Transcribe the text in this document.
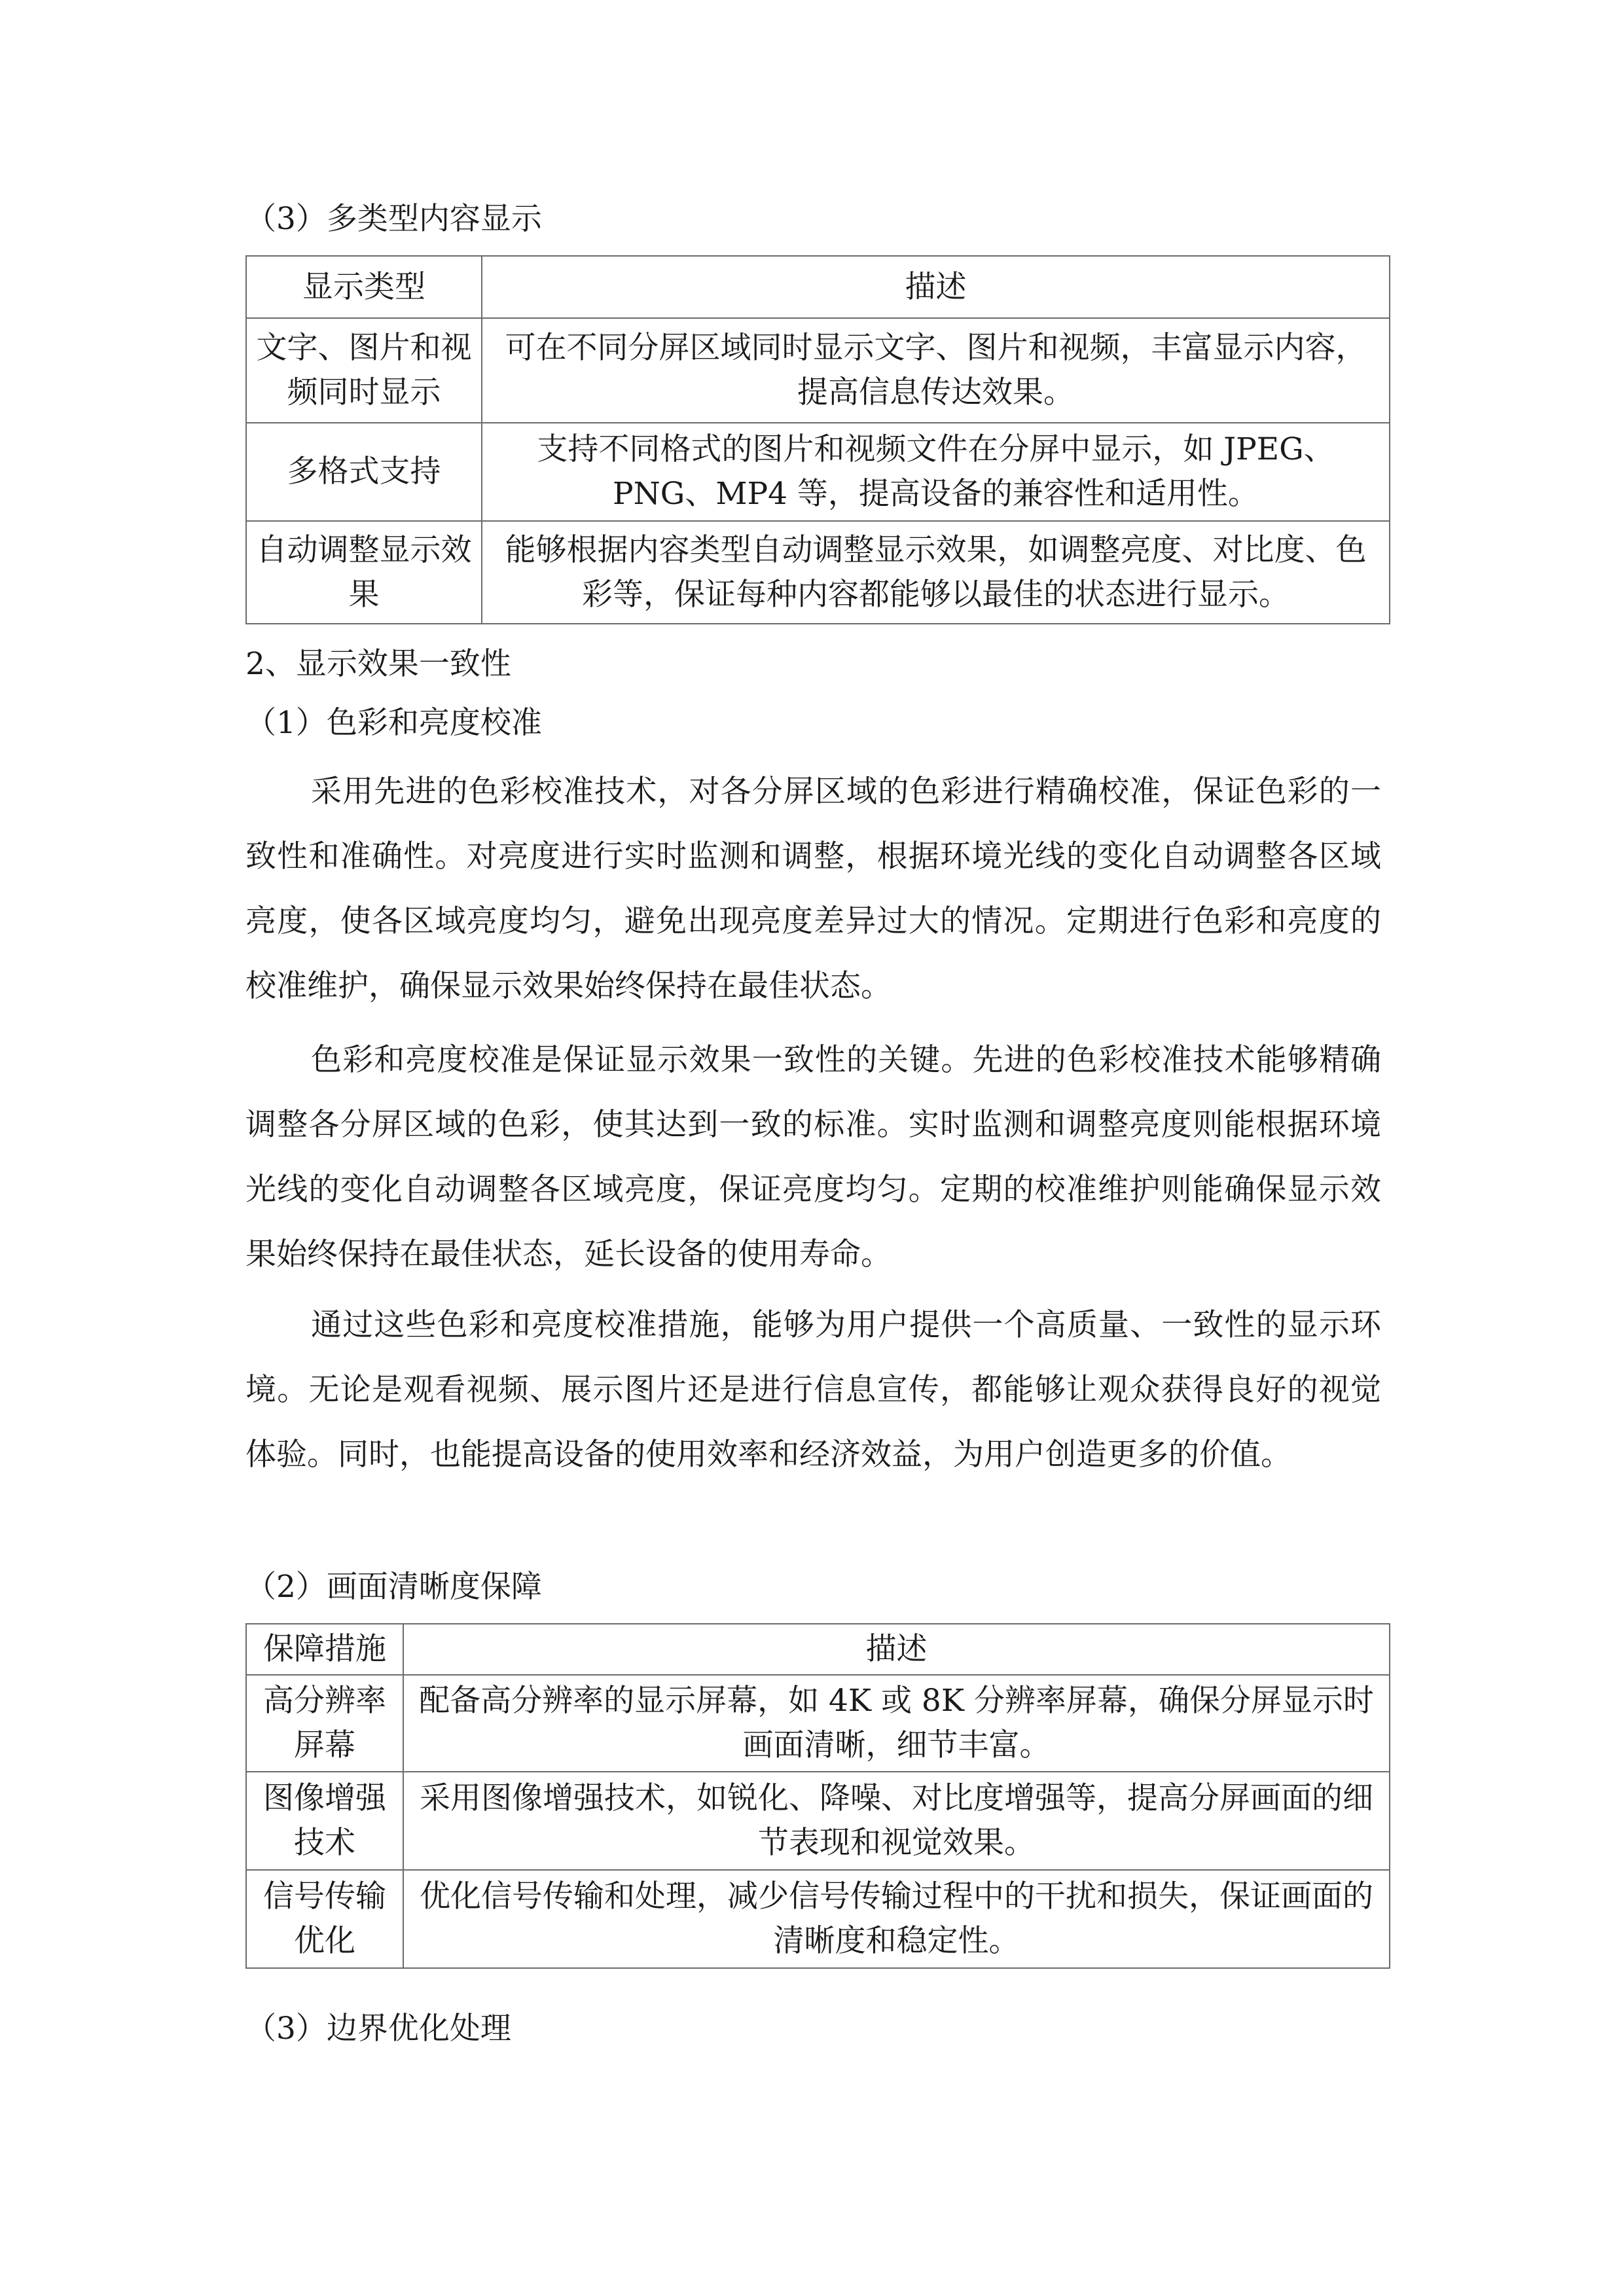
（3）多类型内容显示
显示类型	描述
文字、图片和视频同时显示	可在不同分屏区域同时显示文字、图片和视频，丰富显示内容，提高信息传达效果。
多格式支持	支持不同格式的图片和视频文件在分屏中显示，如 JPEG、PNG、MP4 等，提高设备的兼容性和适用性。
自动调整显示效果	能够根据内容类型自动调整显示效果，如调整亮度、对比度、色彩等，保证每种内容都能够以最佳的状态进行显示。
2、显示效果一致性
（1）色彩和亮度校准
采用先进的色彩校准技术，对各分屏区域的色彩进行精确校准，保证色彩的一致性和准确性。对亮度进行实时监测和调整，根据环境光线的变化自动调整各区域亮度，使各区域亮度均匀，避免出现亮度差异过大的情况。定期进行色彩和亮度的校准维护，确保显示效果始终保持在最佳状态。
色彩和亮度校准是保证显示效果一致性的关键。先进的色彩校准技术能够精确调整各分屏区域的色彩，使其达到一致的标准。实时监测和调整亮度则能根据环境光线的变化自动调整各区域亮度，保证亮度均匀。定期的校准维护则能确保显示效果始终保持在最佳状态，延长设备的使用寿命。
通过这些色彩和亮度校准措施，能够为用户提供一个高质量、一致性的显示环境。无论是观看视频、展示图片还是进行信息宣传，都能够让观众获得良好的视觉体验。同时，也能提高设备的使用效率和经济效益，为用户创造更多的价值。
（2）画面清晰度保障
保障措施	描述
高分辨率屏幕	配备高分辨率的显示屏幕，如 4K 或 8K 分辨率屏幕，确保分屏显示时画面清晰，细节丰富。
图像增强技术	采用图像增强技术，如锐化、降噪、对比度增强等，提高分屏画面的细节表现和视觉效果。
信号传输优化	优化信号传输和处理，减少信号传输过程中的干扰和损失，保证画面的清晰度和稳定性。
（3）边界优化处理
